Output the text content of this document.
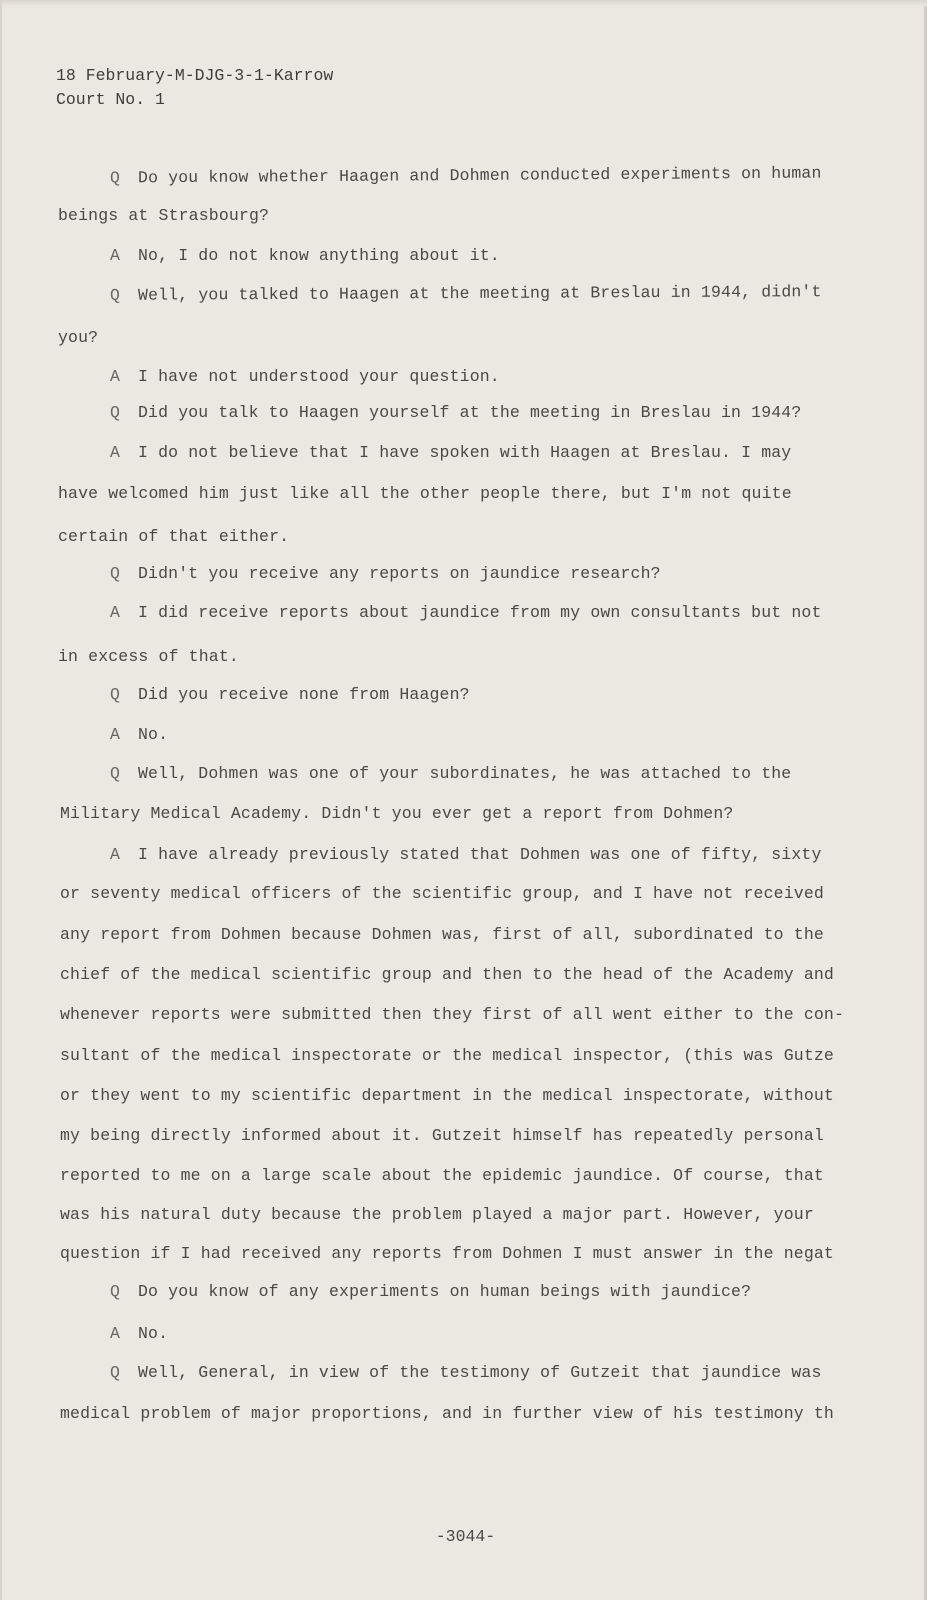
18 February-M-DJG-3-1-Karrow
Court No. 1
Q Do you know whether Haagen and Dohmen conducted experiments on human
beings at Strasbourg?
A No, I do not know anything about it.
Q Well, you talked to Haagen at the meeting at Breslau in 1944, didn't
you?
A I have not understood your question.
Q Did you talk to Haagen yourself at the meeting in Breslau in 1944?
A I do not believe that I have spoken with Haagen at Breslau. I may
have welcomed him just like all the other people there, but I'm not quite
certain of that either.
Q Didn't you receive any reports on jaundice research?
A I did receive reports about jaundice from my own consultants but not
in excess of that.
Q Did you receive none from Haagen?
A No.
Q Well, Dohmen was one of your subordinates, he was attached to the
Military Medical Academy. Didn't you ever get a report from Dohmen?
A I have already previously stated that Dohmen was one of fifty, sixty
or seventy medical officers of the scientific group, and I have not received
any report from Dohmen because Dohmen was, first of all, subordinated to the
chief of the medical scientific group and then to the head of the Academy and
whenever reports were submitted then they first of all went either to the con-
sultant of the medical inspectorate or the medical inspector, (this was Gutze
or they went to my scientific department in the medical inspectorate, without
my being directly informed about it. Gutzeit himself has repeatedly personal
reported to me on a large scale about the epidemic jaundice. Of course, that
was his natural duty because the problem played a major part. However, your
question if I had received any reports from Dohmen I must answer in the negat
Q Do you know of any experiments on human beings with jaundice?
A No.
Q Well, General, in view of the testimony of Gutzeit that jaundice was
medical problem of major proportions, and in further view of his testimony th
-3044-
